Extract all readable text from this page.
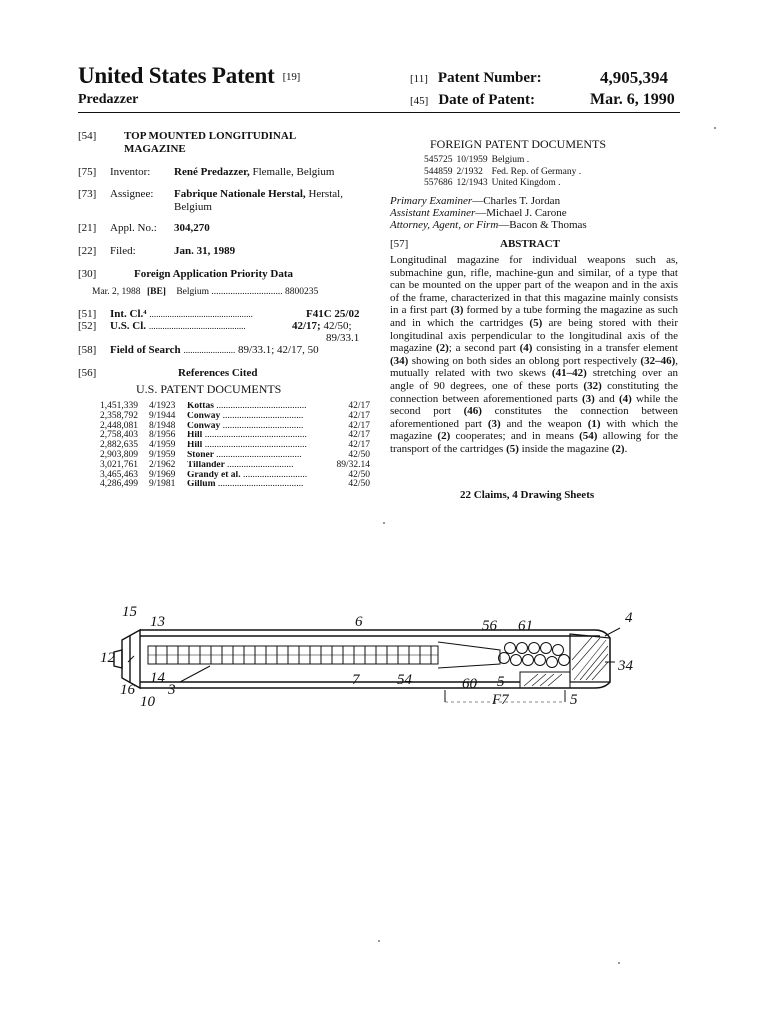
United States Patent [19]
Predazzer
[11] Patent Number:	4,905,394
[45] Date of Patent:	Mar. 6, 1990
[54]	TOP MOUNTED LONGITUDINAL
MAGAZINE
[75] Inventor: René Predazzer, Flemalle, Belgium
[73] Assignee: Fabrique Nationale Herstal, Herstal,
Belgium
[21] Appl. No.: 304,270
[22] Filed:	Jan. 31, 1989
[30]	Foreign Application Priority Data
Mar. 2, 1988 [BE] Belgium .............................. 8800235
[51] Int. Cl.⁴ ..............................................	F41C 25/02
[52] U.S. Cl. ...........................................	42/17; 42/50;
89/33.1
[58] Field of Search ....................... 89/33.1; 42/17, 50
[56]	References Cited
U.S. PATENT DOCUMENTS
1,451,339	4/1923	Kottas ......................................	42/17
2,358,792	9/1944	Conway ..................................	42/17
2,448,081	8/1948	Conway ..................................	42/17
2,758,403	8/1956	Hill ...........................................	42/17
2,882,635	4/1959	Hill ...........................................	42/17
2,903,809	9/1959	Stoner ....................................	42/50
3,021,761	2/1962	Tillander ............................	89/32.14
3,465,463	9/1969	Grandy et al. ...........................	42/50
4,286,499	9/1981	Gillum ....................................	42/50
FOREIGN PATENT DOCUMENTS
545725	10/1959	Belgium .
544859	2/1932	Fed. Rep. of Germany .
557686	12/1943	United Kingdom .
Primary Examiner—Charles T. Jordan
Assistant Examiner—Michael J. Carone
Attorney, Agent, or Firm—Bacon & Thomas
[57]	ABSTRACT
Longitudinal magazine for individual weapons such as, submachine gun, rifle, machine-gun and similar, of a type that can be mounted on the upper part of the weapon and in the axis of the frame, characterized in that this magazine mainly consists in a first part (3) formed by a tube forming the magazine as such and in which the cartridges (5) are being stored with their longitudinal axis perpendicular to the longitudinal axis of the magazine (2); a second part (4) consisting in a transfer element (34) showing on both sides an oblong port respectively (32–46), mutually related with two skews (41–42) stretching over an angle of 90 degrees, one of these ports (32) constituting the connection between aforementioned parts (3) and (4) while the second port (46) constitutes the connection between aforementioned part (3) and the weapon (1) with which the magazine (2) cooperates; and in means (54) allowing for the transport of the cartridges (5) inside the magazine (2).
22 Claims, 4 Drawing Sheets
15
13	6	56 61	4
12	34
14
3
16
10
7	54	60 5
F7	5
